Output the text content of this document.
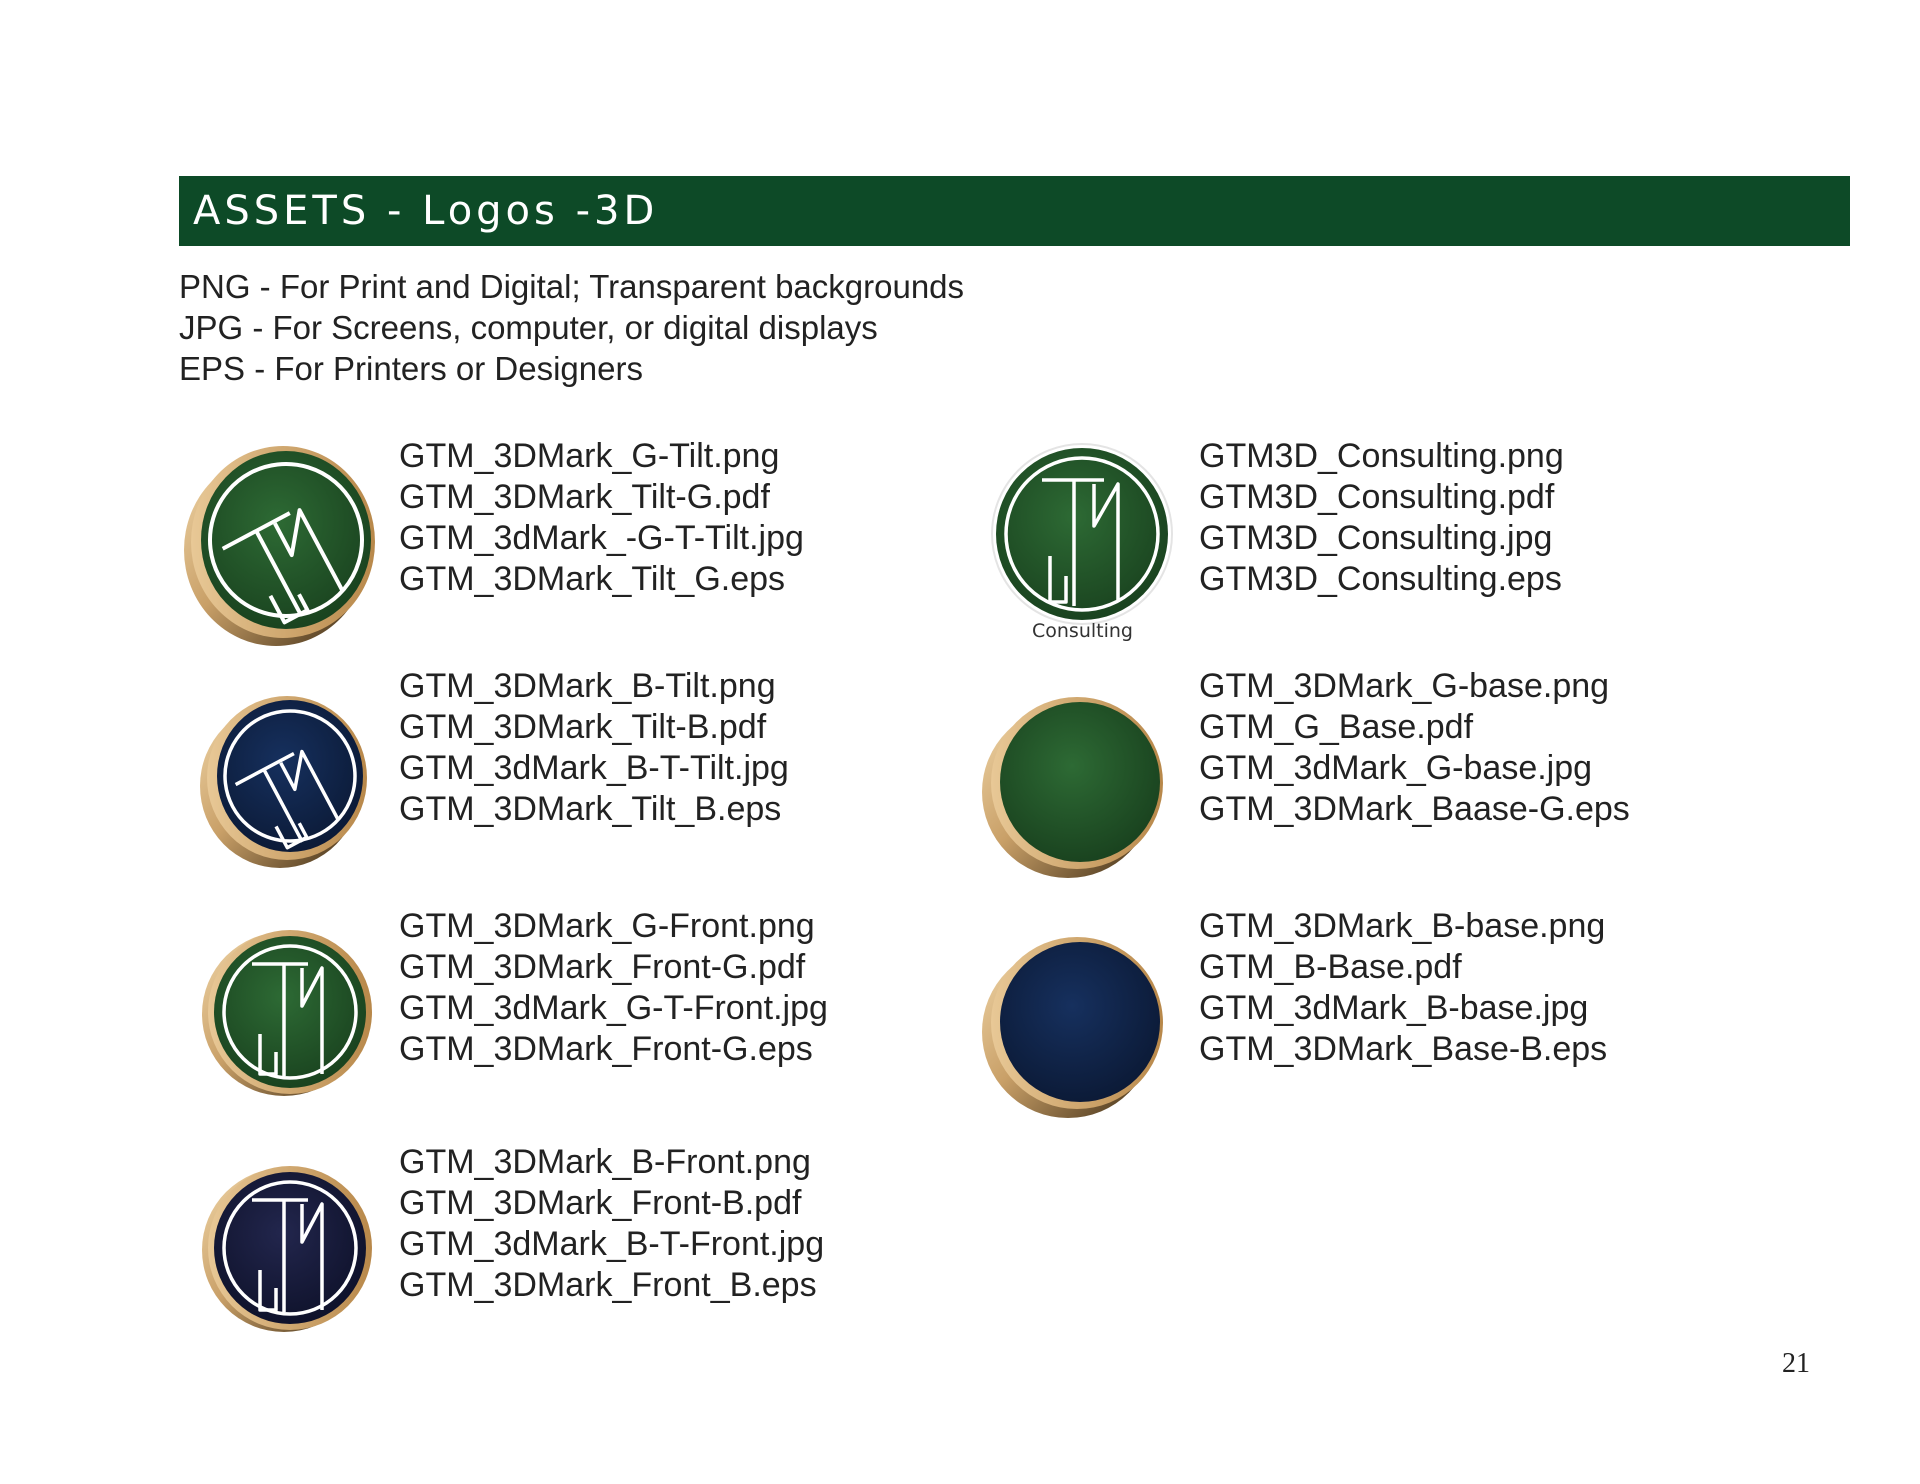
ASSETS - Logos -3D
PNG - For Print and Digital; Transparent backgrounds
JPG - For Screens, computer, or digital displays
EPS - For Printers or Designers
GTM_3DMark_G-Tilt.png
GTM_3DMark_Tilt-G.pdf
GTM_3dMark_-G-T-Tilt.jpg
GTM_3DMark_Tilt_G.eps
GTM_3DMark_B-Tilt.png
GTM_3DMark_Tilt-B.pdf
GTM_3dMark_B-T-Tilt.jpg
GTM_3DMark_Tilt_B.eps
GTM_3DMark_G-Front.png
GTM_3DMark_Front-G.pdf
GTM_3dMark_G-T-Front.jpg
GTM_3DMark_Front-G.eps
GTM_3DMark_B-Front.png
GTM_3DMark_Front-B.pdf
GTM_3dMark_B-T-Front.jpg
GTM_3DMark_Front_B.eps
Consulting
GTM3D_Consulting.png
GTM3D_Consulting.pdf
GTM3D_Consulting.jpg
GTM3D_Consulting.eps
GTM_3DMark_G-base.png
GTM_G_Base.pdf
GTM_3dMark_G-base.jpg
GTM_3DMark_Baase-G.eps
GTM_3DMark_B-base.png
GTM_B-Base.pdf
GTM_3dMark_B-base.jpg
GTM_3DMark_Base-B.eps
21
